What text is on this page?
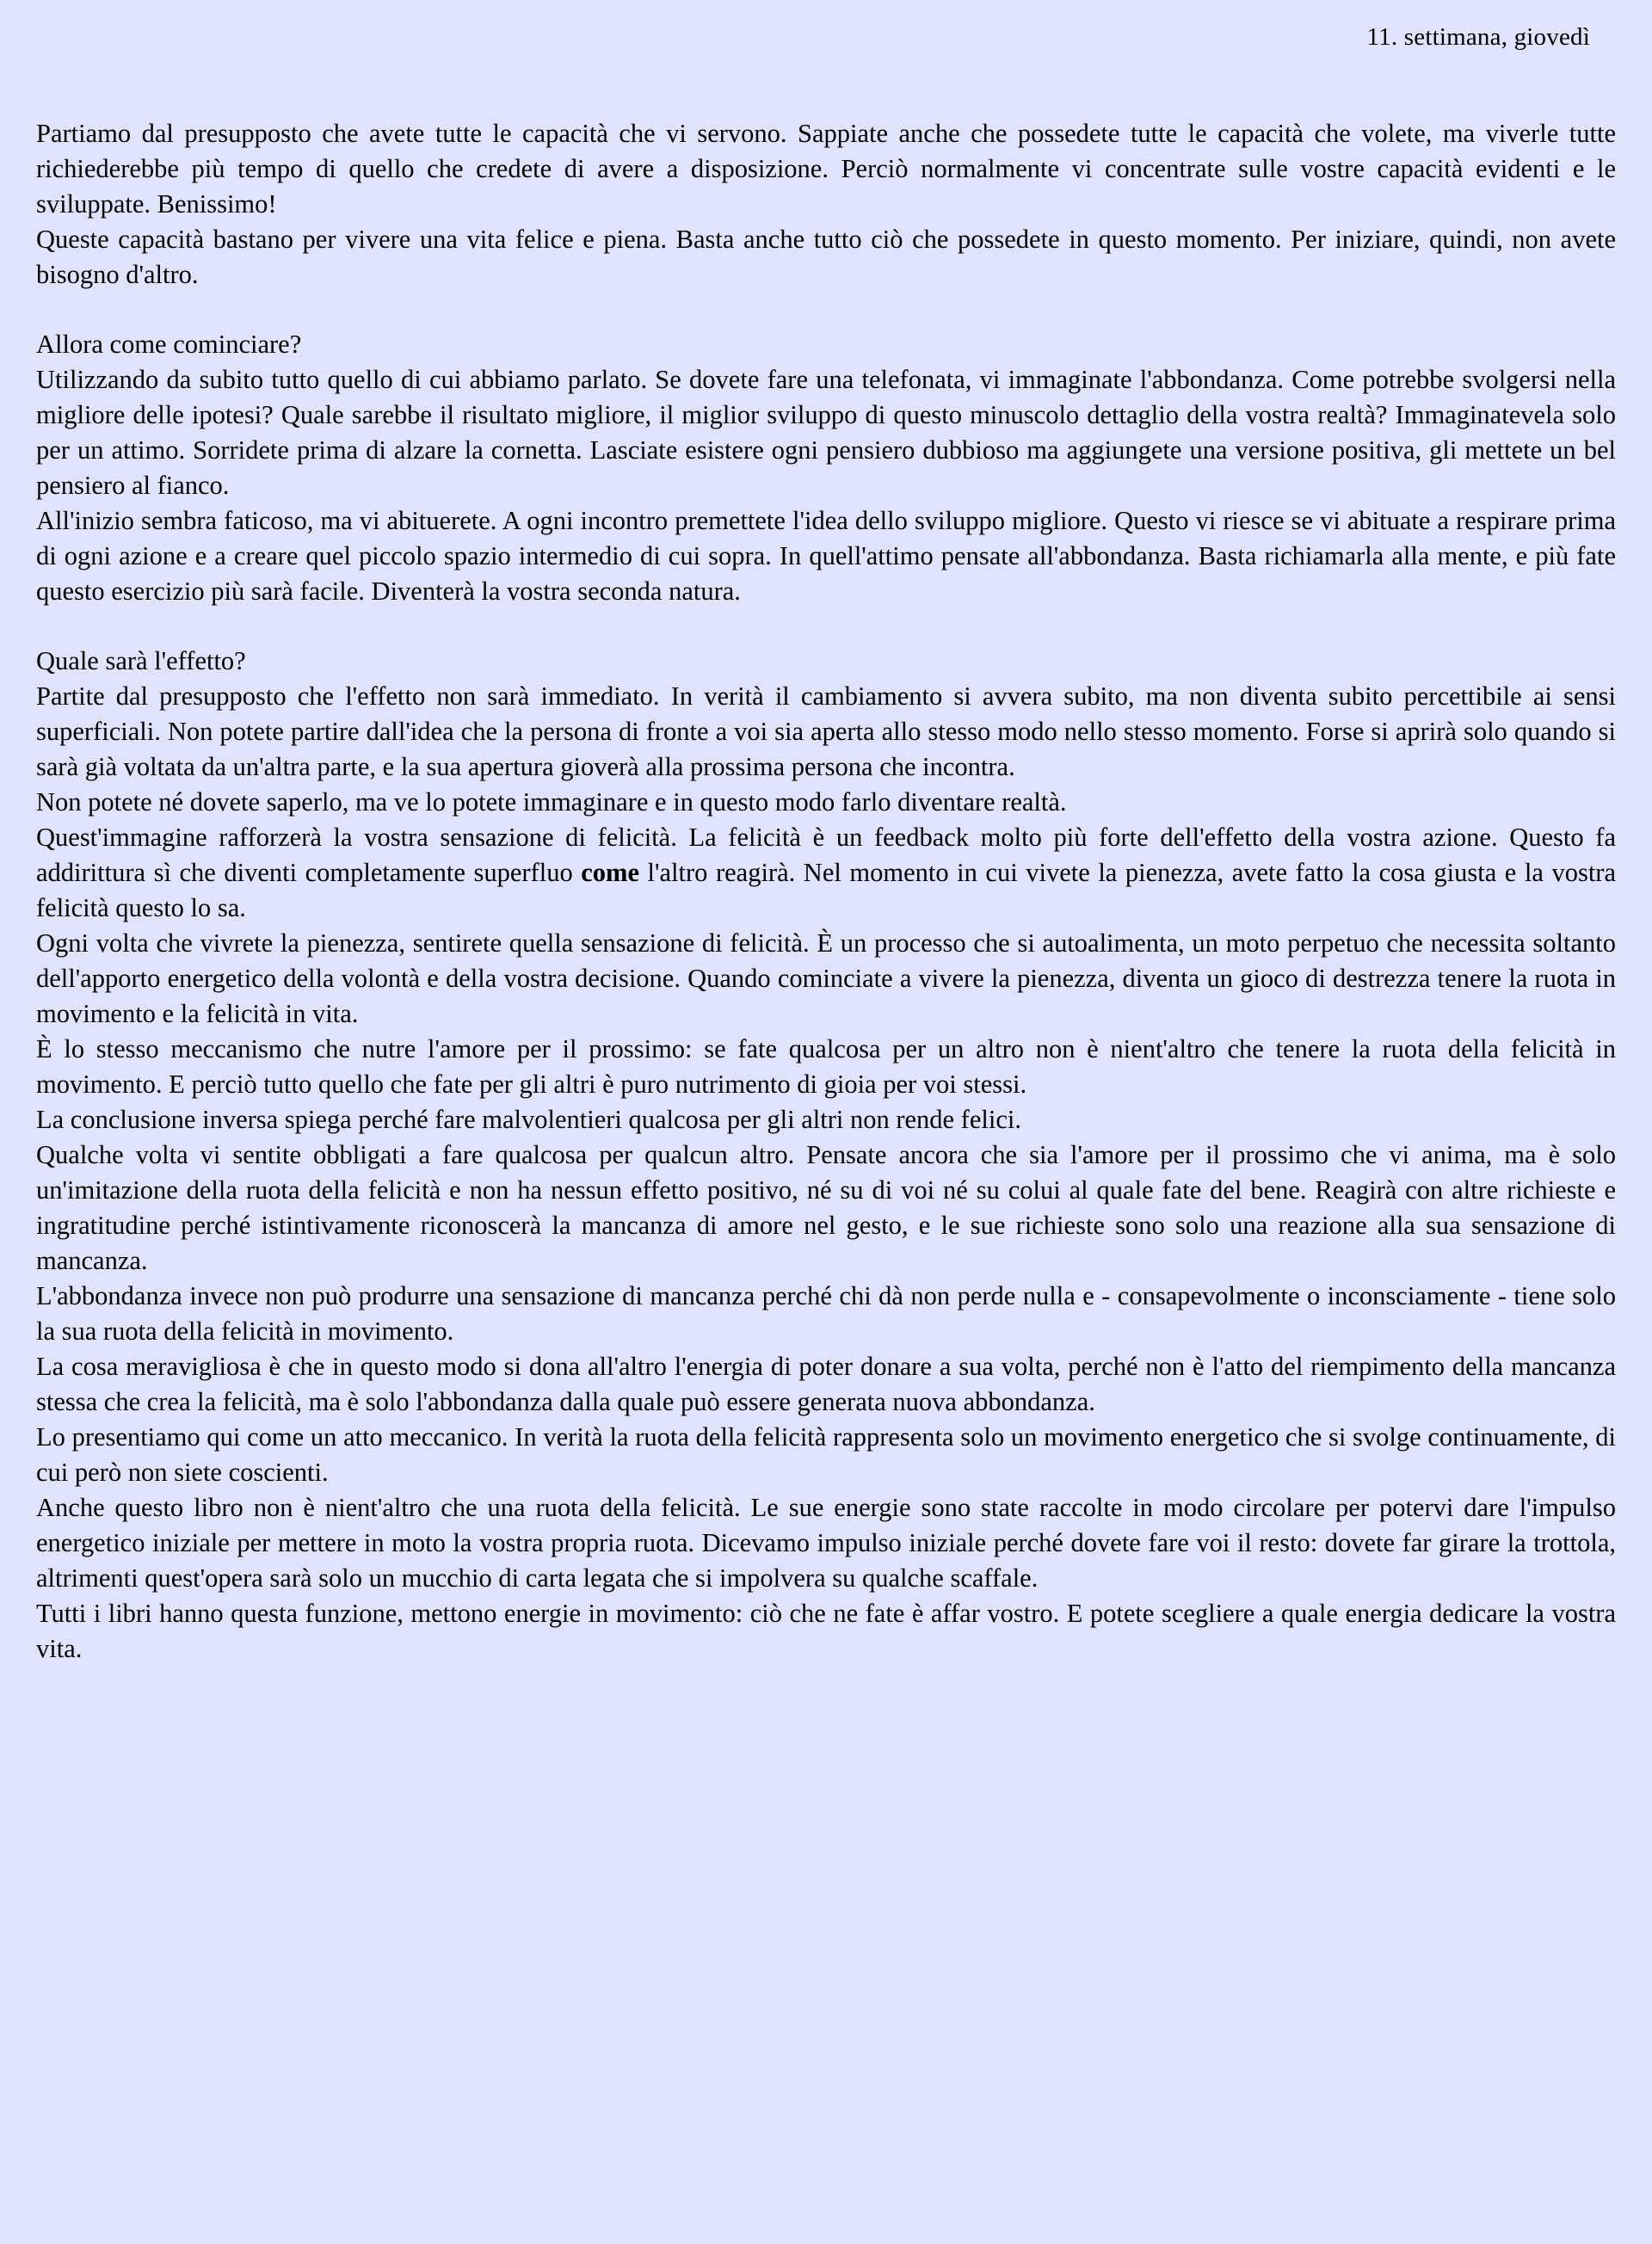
11. settimana, giovedì

Partiamo dal presupposto che avete tutte le capacità che vi servono. Sappiate anche che possedete tutte le capacità che volete, ma viverle tutte richiederebbe più tempo di quello che credete di avere a disposizione. Perciò normalmente vi concentrate sulle vostre capacità evidenti e le sviluppate. Benissimo!

Queste capacità bastano per vivere una vita felice e piena. Basta anche tutto ciò che possedete in questo momento. Per iniziare, quindi, non avete bisogno d'altro.

Allora come cominciare?

Utilizzando da subito tutto quello di cui abbiamo parlato. Se dovete fare una telefonata, vi immaginate l'abbondanza. Come potrebbe svolgersi nella migliore delle ipotesi? Quale sarebbe il risultato migliore, il miglior sviluppo di questo minuscolo dettaglio della vostra realtà? Immaginatevela solo per un attimo. Sorridete prima di alzare la cornetta. Lasciate esistere ogni pensiero dubbioso ma aggiungete una versione positiva, gli mettete un bel pensiero al fianco.

All'inizio sembra faticoso, ma vi abituerete. A ogni incontro premettete l'idea dello sviluppo migliore. Questo vi riesce se vi abituate a respirare prima di ogni azione e a creare quel piccolo spazio intermedio di cui sopra. In quell'attimo pensate all'abbondanza. Basta richiamarla alla mente, e più fate questo esercizio più sarà facile. Diventerà la vostra seconda natura.

Quale sarà l'effetto?

Partite dal presupposto che l'effetto non sarà immediato. In verità il cambiamento si avvera subito, ma non diventa subito percettibile ai sensi superficiali. Non potete partire dall'idea che la persona di fronte a voi sia aperta allo stesso modo nello stesso momento. Forse si aprirà solo quando si sarà già voltata da un'altra parte, e la sua apertura gioverà alla prossima persona che incontra.

Non potete né dovete saperlo, ma ve lo potete immaginare e in questo modo farlo diventare realtà.

Quest'immagine rafforzerà la vostra sensazione di felicità. La felicità è un feedback molto più forte dell'effetto della vostra azione. Questo fa addirittura sì che diventi completamente superfluo come l'altro reagirà. Nel momento in cui vivete la pienezza, avete fatto la cosa giusta e la vostra felicità questo lo sa.

Ogni volta che vivrete la pienezza, sentirete quella sensazione di felicità. È un processo che si autoalimenta, un moto perpetuo che necessita soltanto dell'apporto energetico della volontà e della vostra decisione. Quando cominciate a vivere la pienezza, diventa un gioco di destrezza tenere la ruota in movimento e la felicità in vita.

È lo stesso meccanismo che nutre l'amore per il prossimo: se fate qualcosa per un altro non è nient'altro che tenere la ruota della felicità in movimento. E perciò tutto quello che fate per gli altri è puro nutrimento di gioia per voi stessi.

La conclusione inversa spiega perché fare malvolentieri qualcosa per gli altri non rende felici.

Qualche volta vi sentite obbligati a fare qualcosa per qualcun altro. Pensate ancora che sia l'amore per il prossimo che vi anima, ma è solo un'imitazione della ruota della felicità e non ha nessun effetto positivo, né su di voi né su colui al quale fate del bene. Reagirà con altre richieste e ingratitudine perché istintivamente riconoscerà la mancanza di amore nel gesto, e le sue richieste sono solo una reazione alla sua sensazione di mancanza.

L'abbondanza invece non può produrre una sensazione di mancanza perché chi dà non perde nulla e - consapevolmente o inconsciamente - tiene solo la sua ruota della felicità in movimento.

La cosa meravigliosa è che in questo modo si dona all'altro l'energia di poter donare a sua volta, perché non è l'atto del riempimento della mancanza stessa che crea la felicità, ma è solo l'abbondanza dalla quale può essere generata nuova abbondanza.

Lo presentiamo qui come un atto meccanico. In verità la ruota della felicità rappresenta solo un movimento energetico che si svolge continuamente, di cui però non siete coscienti.

Anche questo libro non è nient'altro che una ruota della felicità. Le sue energie sono state raccolte in modo circolare per potervi dare l'impulso energetico iniziale per mettere in moto la vostra propria ruota. Dicevamo impulso iniziale perché dovete fare voi il resto: dovete far girare la trottola, altrimenti quest'opera sarà solo un mucchio di carta legata che si impolvera su qualche scaffale.

Tutti i libri hanno questa funzione, mettono energie in movimento: ciò che ne fate è affar vostro. E potete scegliere a quale energia dedicare la vostra vita.
